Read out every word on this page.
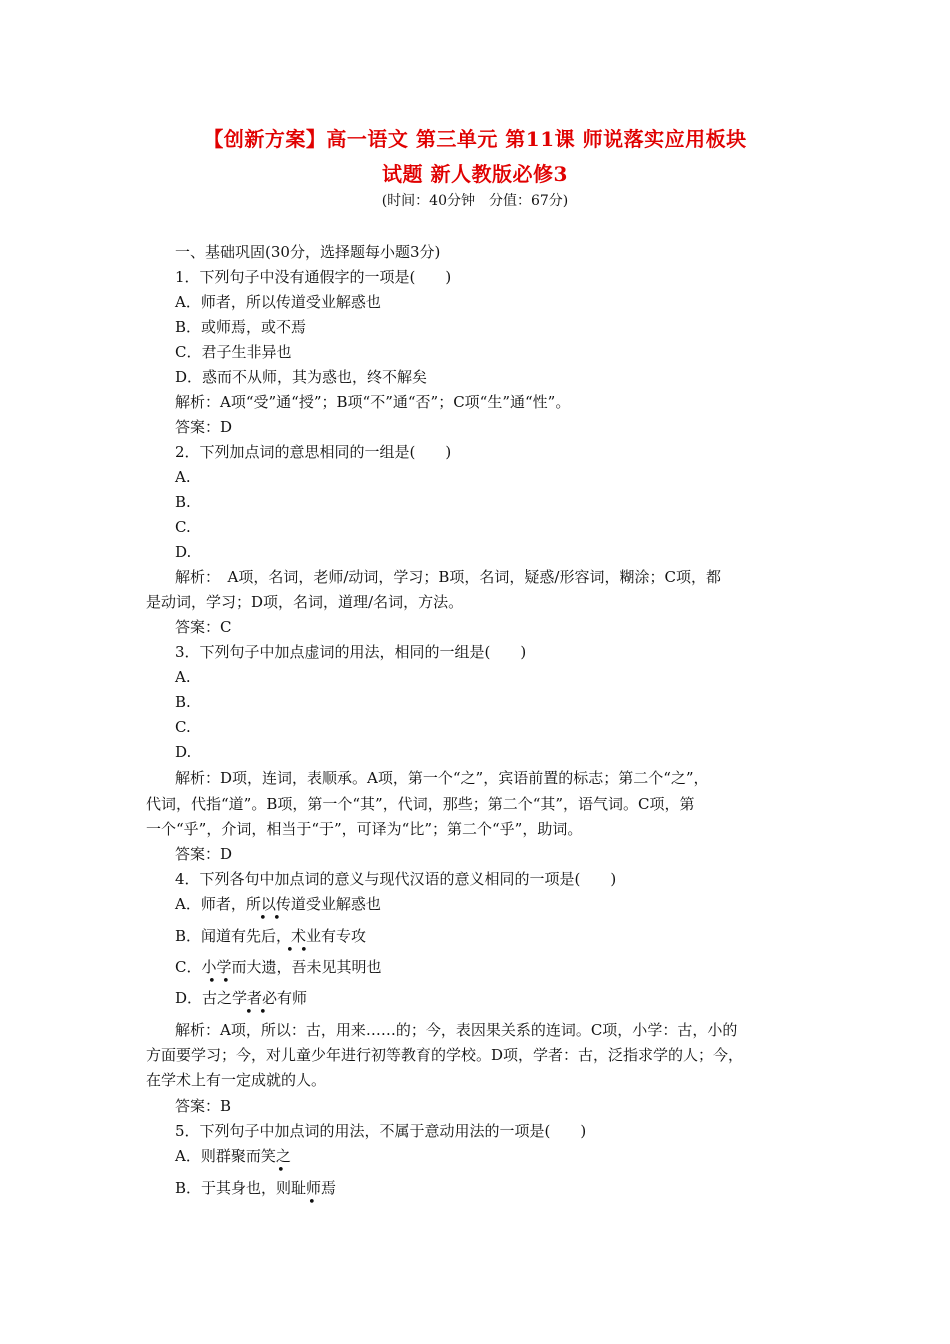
【创新方案】高一语文 第三单元 第11课 师说落实应用板块
试题 新人教版必修3
(时间：40分钟　分值：67分)
一、基础巩固(30分，选择题每小题3分)
1．下列句子中没有通假字的一项是(　　)
A．师者，所以传道受业解惑也
B．或师焉，或不焉
C．君子生非异也
D．惑而不从师，其为惑也，终不解矣
解析：A项“受”通“授”；B项“不”通“否”；C项“生”通“性”。
答案：D
2．下列加点词的意思相同的一组是(　　)
A.
B.
C.
D.
解析：　A项，名词，老师/动词，学习；B项，名词，疑惑/形容词，糊涂；C项，都
是动词，学习；D项，名词，道理/名词，方法。
答案：C
3．下列句子中加点虚词的用法，相同的一组是(　　)
A.
B.
C.
D.
解析：D项，连词，表顺承。A项，第一个“之”，宾语前置的标志；第二个“之”，
代词，代指“道”。B项，第一个“其”，代词，那些；第二个“其”，语气词。C项，第
一个“乎”，介词，相当于“于”，可译为“比”；第二个“乎”，助词。
答案：D
4．下列各句中加点词的意义与现代汉语的意义相同的一项是(　　)
A．师者，所以传道受业解惑也
B．闻道有先后，术业有专攻
C．小学而大遗，吾未见其明也
D．古之学者必有师
解析：A项，所以：古，用来……的；今，表因果关系的连词。C项，小学：古，小的
方面要学习；今，对儿童少年进行初等教育的学校。D项，学者：古，泛指求学的人；今，
在学术上有一定成就的人。
答案：B
5．下列句子中加点词的用法，不属于意动用法的一项是(　　)
A．则群聚而笑之
B．于其身也，则耻师焉
• •
• •
• •
• •
•
•
